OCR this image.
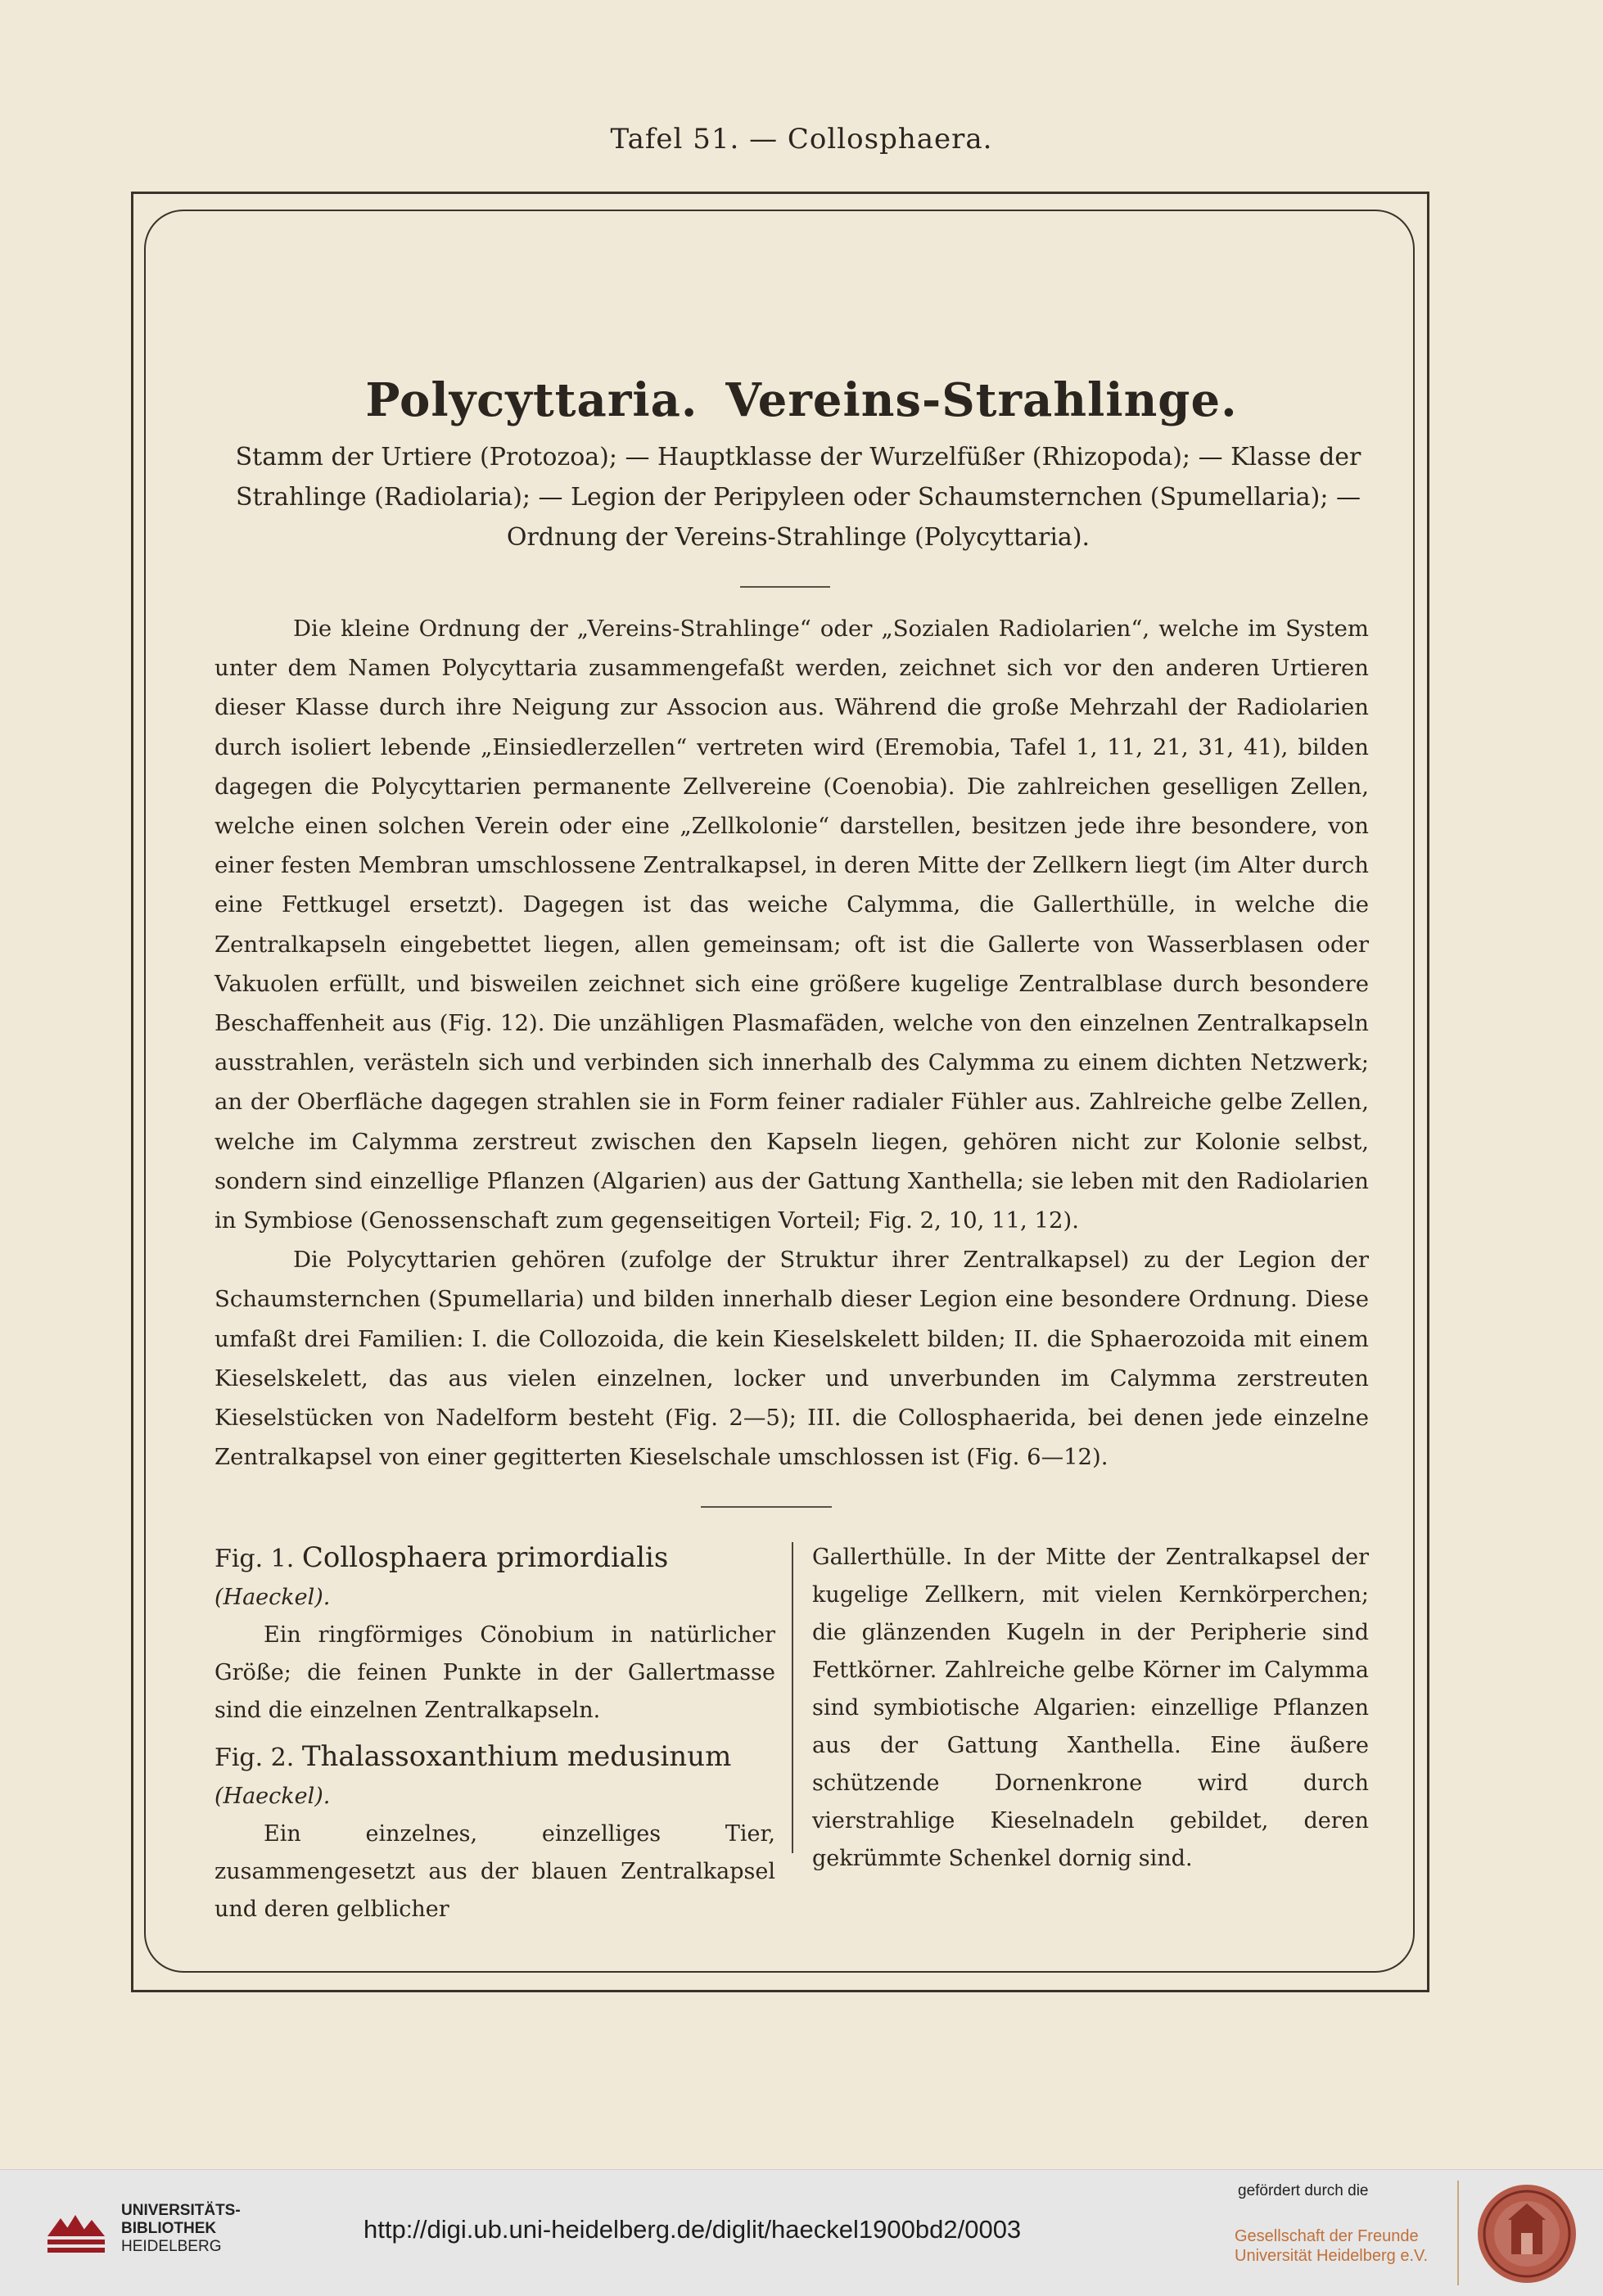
Tafel 51. — Collosphaera.
Polycyttaria. Vereins-Strahlinge.
Stamm der Urtiere (Protozoa); — Hauptklasse der Wurzelfüßer (Rhizopoda); — Klasse der Strahlinge (Radiolaria); — Legion der Peripyleen oder Schaumsternchen (Spumellaria); — Ordnung der Vereins-Strahlinge (Polycyttaria).

Die kleine Ordnung der „Vereins-Strahlinge“ oder „Sozialen Radiolarien“, welche im System unter dem Namen Polycyttaria zusammengefaßt werden, zeichnet sich vor den anderen Urtieren dieser Klasse durch ihre Neigung zur Associon aus. Während die große Mehrzahl der Radiolarien durch isoliert lebende „Einsiedlerzellen“ vertreten wird (Eremobia, Tafel 1, 11, 21, 31, 41), bilden dagegen die Polycyttarien permanente Zellvereine (Coenobia). Die zahlreichen geselligen Zellen, welche einen solchen Verein oder eine „Zellkolonie“ darstellen, besitzen jede ihre besondere, von einer festen Membran umschlossene Zentralkapsel, in deren Mitte der Zellkern liegt (im Alter durch eine Fettkugel ersetzt). Dagegen ist das weiche Calymma, die Gallerthülle, in welche die Zentralkapseln eingebettet liegen, allen gemeinsam; oft ist die Gallerte von Wasserblasen oder Vakuolen erfüllt, und bisweilen zeichnet sich eine größere kugelige Zentralblase durch besondere Beschaffenheit aus (Fig. 12). Die unzähligen Plasmafäden, welche von den einzelnen Zentralkapseln ausstrahlen, verästeln sich und verbinden sich innerhalb des Calymma zu einem dichten Netzwerk; an der Oberfläche dagegen strahlen sie in Form feiner radialer Fühler aus. Zahlreiche gelbe Zellen, welche im Calymma zerstreut zwischen den Kapseln liegen, gehören nicht zur Kolonie selbst, sondern sind einzellige Pflanzen (Algarien) aus der Gattung Xanthella; sie leben mit den Radiolarien in Symbiose (Genossenschaft zum gegenseitigen Vorteil; Fig. 2, 10, 11, 12).

Die Polycyttarien gehören (zufolge der Struktur ihrer Zentralkapsel) zu der Legion der Schaumsternchen (Spumellaria) und bilden innerhalb dieser Legion eine besondere Ordnung. Diese umfaßt drei Familien: I. die Collozoida, die kein Kieselskelett bilden; II. die Sphaerozoida mit einem Kieselskelett, das aus vielen einzelnen, locker und unverbunden im Calymma zerstreuten Kieselstücken von Nadelform besteht (Fig. 2—5); III. die Collosphaerida, bei denen jede einzelne Zentralkapsel von einer gegitterten Kieselschale umschlossen ist (Fig. 6—12).

Fig. 1. Collosphaera primordialis (Haeckel).
Ein ringförmiges Cönobium in natürlicher Größe; die feinen Punkte in der Gallertmasse sind die einzelnen Zentralkapseln.
Fig. 2. Thalassoxanthium medusinum (Haeckel).
Ein einzelnes, einzelliges Tier, zusammengesetzt aus der blauen Zentralkapsel und deren gelblicher
Gallerthülle. In der Mitte der Zentralkapsel der kugelige Zellkern, mit vielen Kernkörperchen; die glänzenden Kugeln in der Peripherie sind Fettkörner. Zahlreiche gelbe Körner im Calymma sind symbiotische Algarien: einzellige Pflanzen aus der Gattung Xanthella. Eine äußere schützende Dornenkrone wird durch vierstrahlige Kieselnadeln gebildet, deren gekrümmte Schenkel dornig sind.
UNIVERSITÄTS-
BIBLIOTHEK
HEIDELBERG
http://digi.ub.uni-heidelberg.de/diglit/haeckel1900bd2/0003
gefördert durch die
Gesellschaft der Freunde
Universität Heidelberg e.V.
